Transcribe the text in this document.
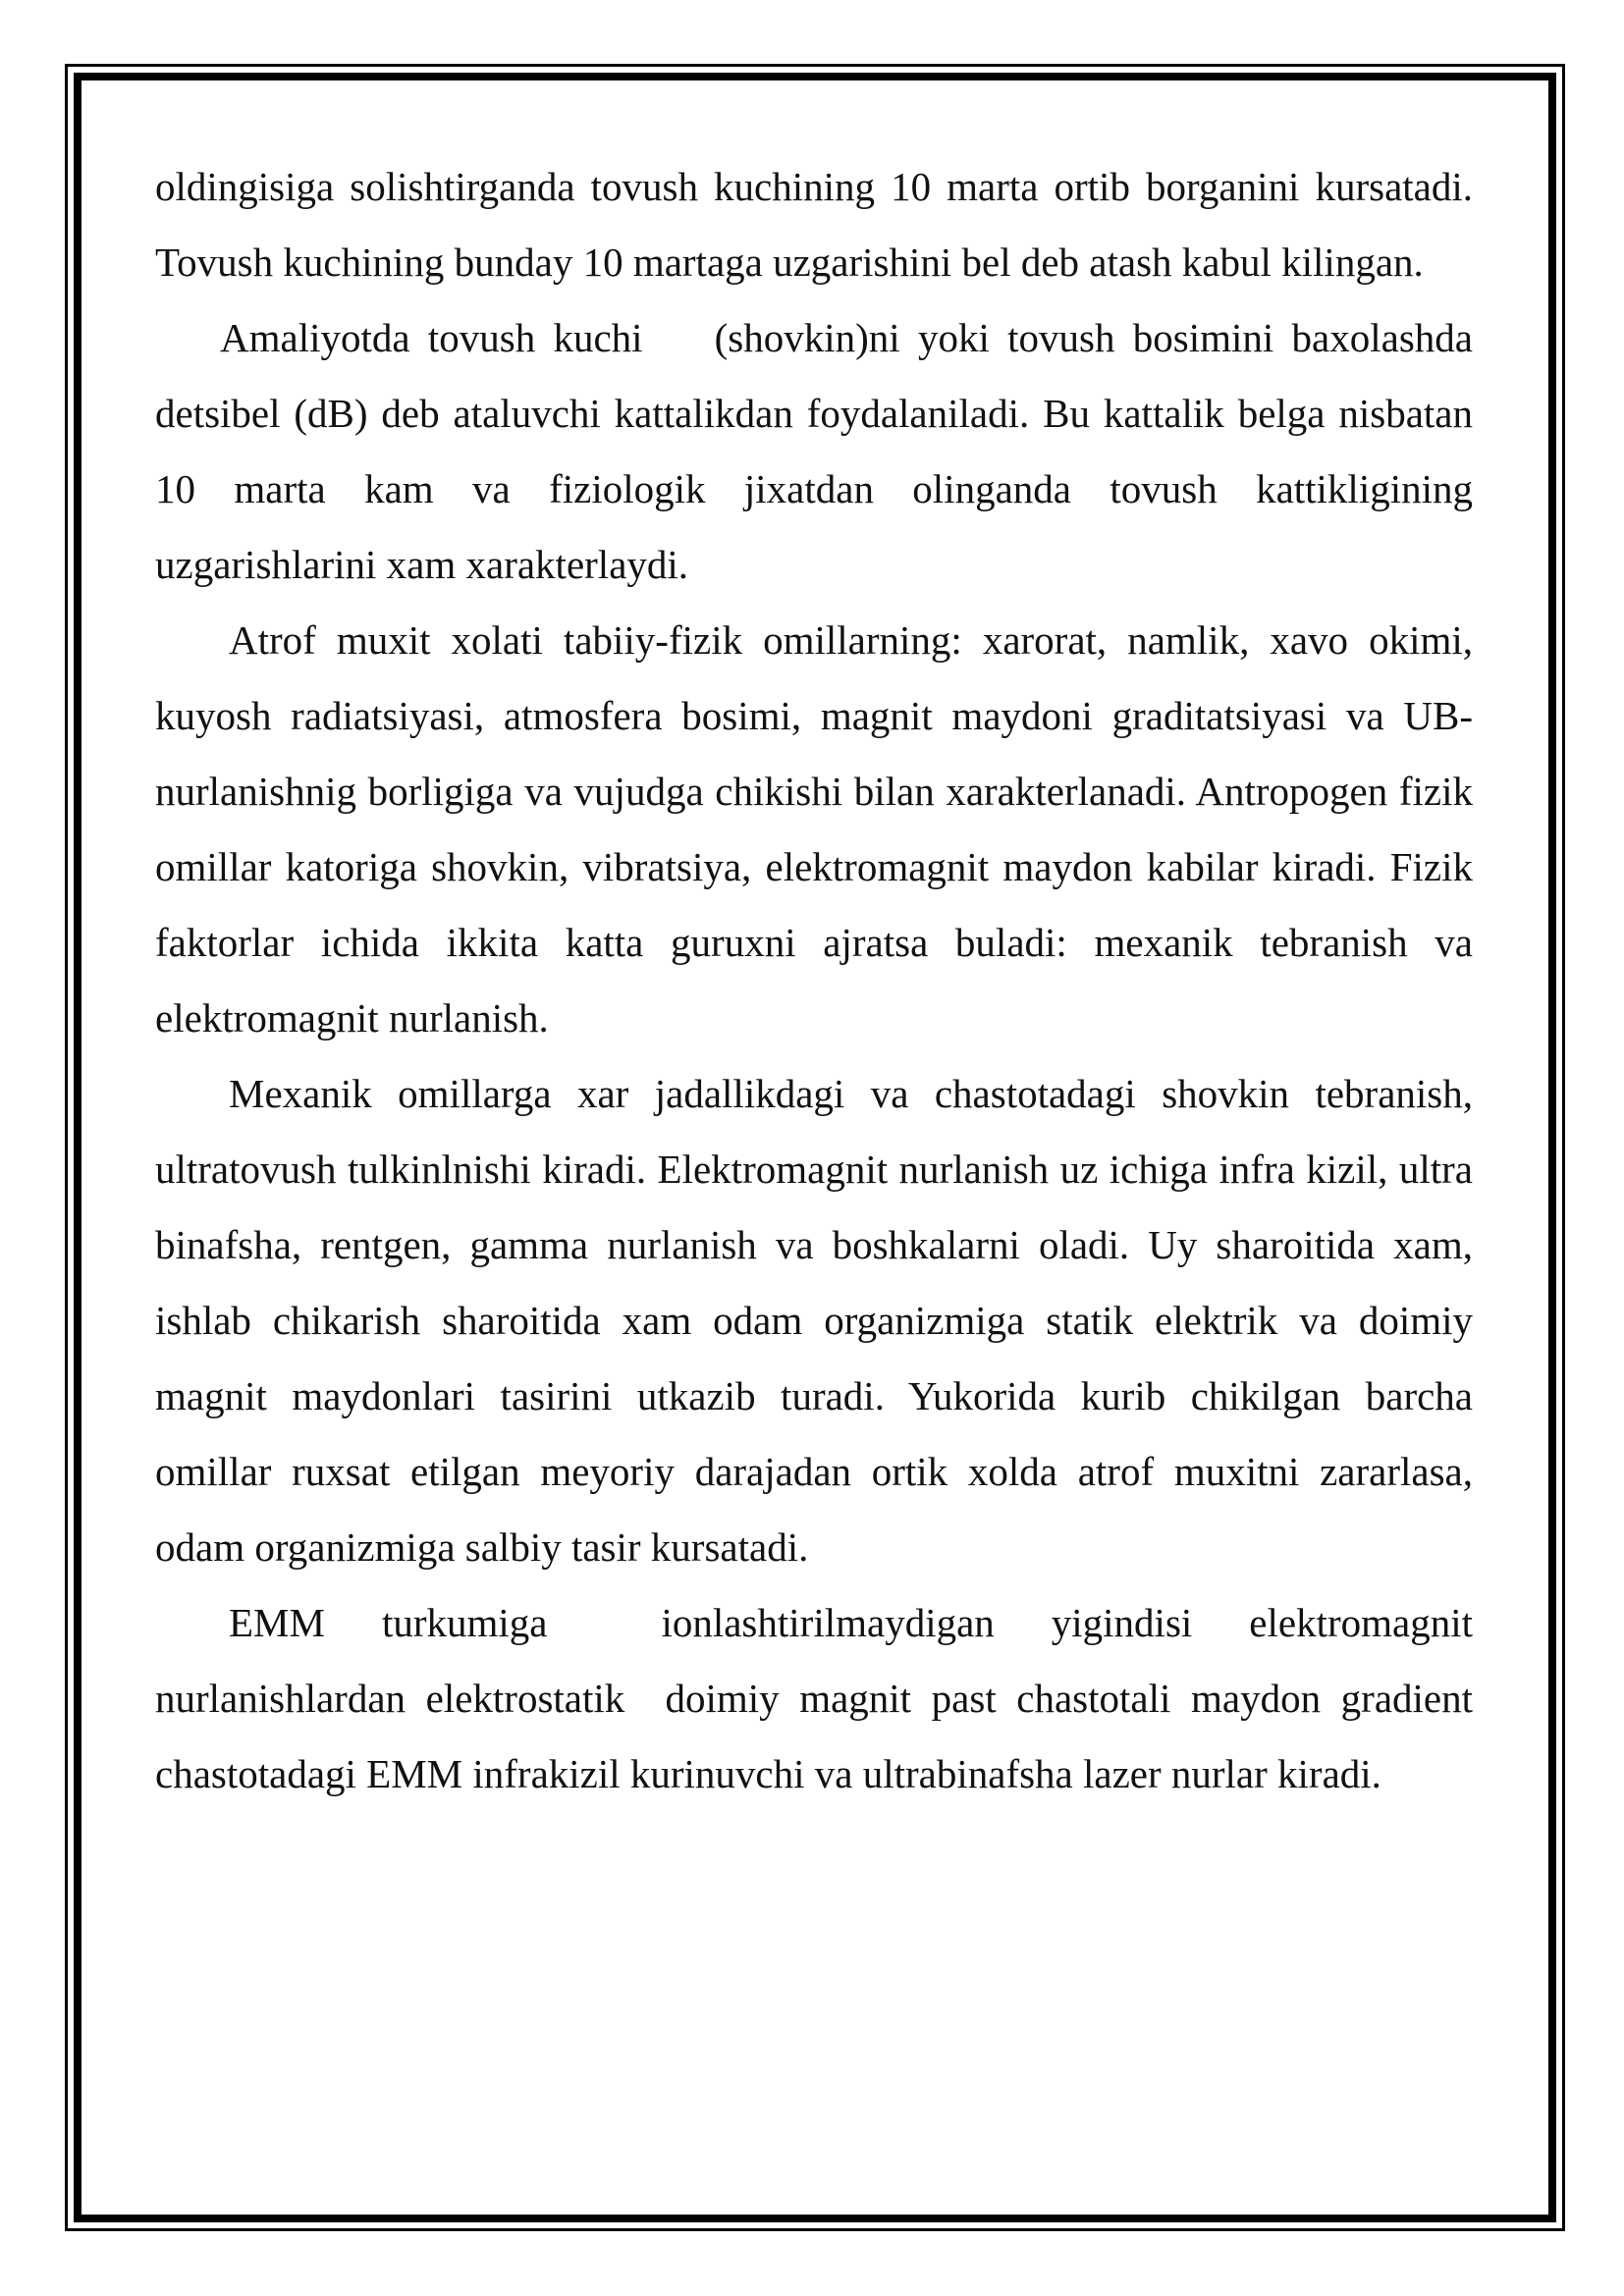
oldingisiga solishtirganda tovush kuchining 10 marta ortib borganini kursatadi. Tovush kuchining bunday 10 martaga uzgarishini bel deb atash kabul kilingan.

Amaliyotda tovush kuchi    (shovkin)ni yoki tovush bosimini baxolashda detsibel (dB) deb ataluvchi kattalikdan foydalaniladi. Bu kattalik belga nisbatan 10 marta kam va fiziologik jixatdan olinganda tovush kattikligining uzgarishlarini xam xarakterlaydi.

Atrof muxit xolati tabiiy-fizik omillarning: xarorat, namlik, xavo okimi, kuyosh radiatsiyasi, atmosfera bosimi, magnit maydoni graditatsiyasi va UB-nurlanishnig borligiga va vujudga chikishi bilan xarakterlanadi. Antropogen fizik omillar katoriga shovkin, vibratsiya, elektromagnit maydon kabilar kiradi. Fizik faktorlar ichida ikkita katta guruxni ajratsa buladi: mexanik tebranish va elektromagnit nurlanish.

Mexanik omillarga xar jadallikdagi va chastotadagi shovkin tebranish, ultratovush tulkinlnishi kiradi. Elektromagnit nurlanish uz ichiga infra kizil, ultra binafsha, rentgen, gamma nurlanish va boshkalarni oladi. Uy sharoitida xam, ishlab chikarish sharoitida xam odam organizmiga statik elektrik va doimiy magnit maydonlari tasirini utkazib turadi. Yukorida kurib chikilgan barcha omillar ruxsat etilgan meyoriy darajadan ortik xolda atrof muxitni zararlasa, odam organizmiga salbiy tasir kursatadi.

EMM turkumiga  ionlashtirilmaydigan yigindisi elektromagnit nurlanishlardan elektrostatik  doimiy magnit past chastotali maydon gradient chastotadagi EMM infrakizil kurinuvchi va ultrabinafsha lazer nurlar kiradi.
